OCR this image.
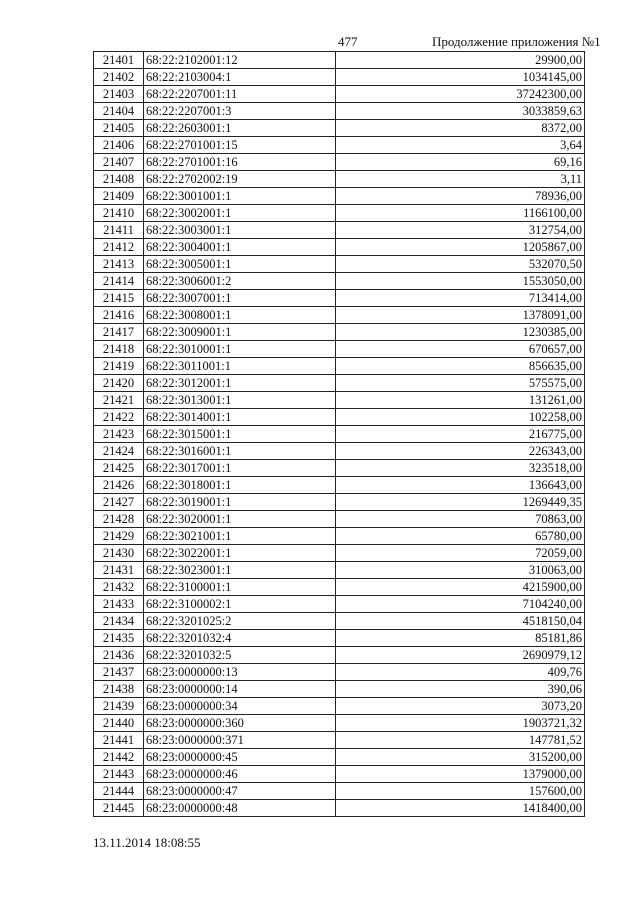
477	Продолжение приложения №1
21401	68:22:2102001:12	29900,00
21402	68:22:2103004:1	1034145,00
21403	68:22:2207001:11	37242300,00
21404	68:22:2207001:3	3033859,63
21405	68:22:2603001:1	8372,00
21406	68:22:2701001:15	3,64
21407	68:22:2701001:16	69,16
21408	68:22:2702002:19	3,11
21409	68:22:3001001:1	78936,00
21410	68:22:3002001:1	1166100,00
21411	68:22:3003001:1	312754,00
21412	68:22:3004001:1	1205867,00
21413	68:22:3005001:1	532070,50
21414	68:22:3006001:2	1553050,00
21415	68:22:3007001:1	713414,00
21416	68:22:3008001:1	1378091,00
21417	68:22:3009001:1	1230385,00
21418	68:22:3010001:1	670657,00
21419	68:22:3011001:1	856635,00
21420	68:22:3012001:1	575575,00
21421	68:22:3013001:1	131261,00
21422	68:22:3014001:1	102258,00
21423	68:22:3015001:1	216775,00
21424	68:22:3016001:1	226343,00
21425	68:22:3017001:1	323518,00
21426	68:22:3018001:1	136643,00
21427	68:22:3019001:1	1269449,35
21428	68:22:3020001:1	70863,00
21429	68:22:3021001:1	65780,00
21430	68:22:3022001:1	72059,00
21431	68:22:3023001:1	310063,00
21432	68:22:3100001:1	4215900,00
21433	68:22:3100002:1	7104240,00
21434	68:22:3201025:2	4518150,04
21435	68:22:3201032:4	85181,86
21436	68:22:3201032:5	2690979,12
21437	68:23:0000000:13	409,76
21438	68:23:0000000:14	390,06
21439	68:23:0000000:34	3073,20
21440	68:23:0000000:360	1903721,32
21441	68:23:0000000:371	147781,52
21442	68:23:0000000:45	315200,00
21443	68:23:0000000:46	1379000,00
21444	68:23:0000000:47	157600,00
21445	68:23:0000000:48	1418400,00
13.11.2014 18:08:55
